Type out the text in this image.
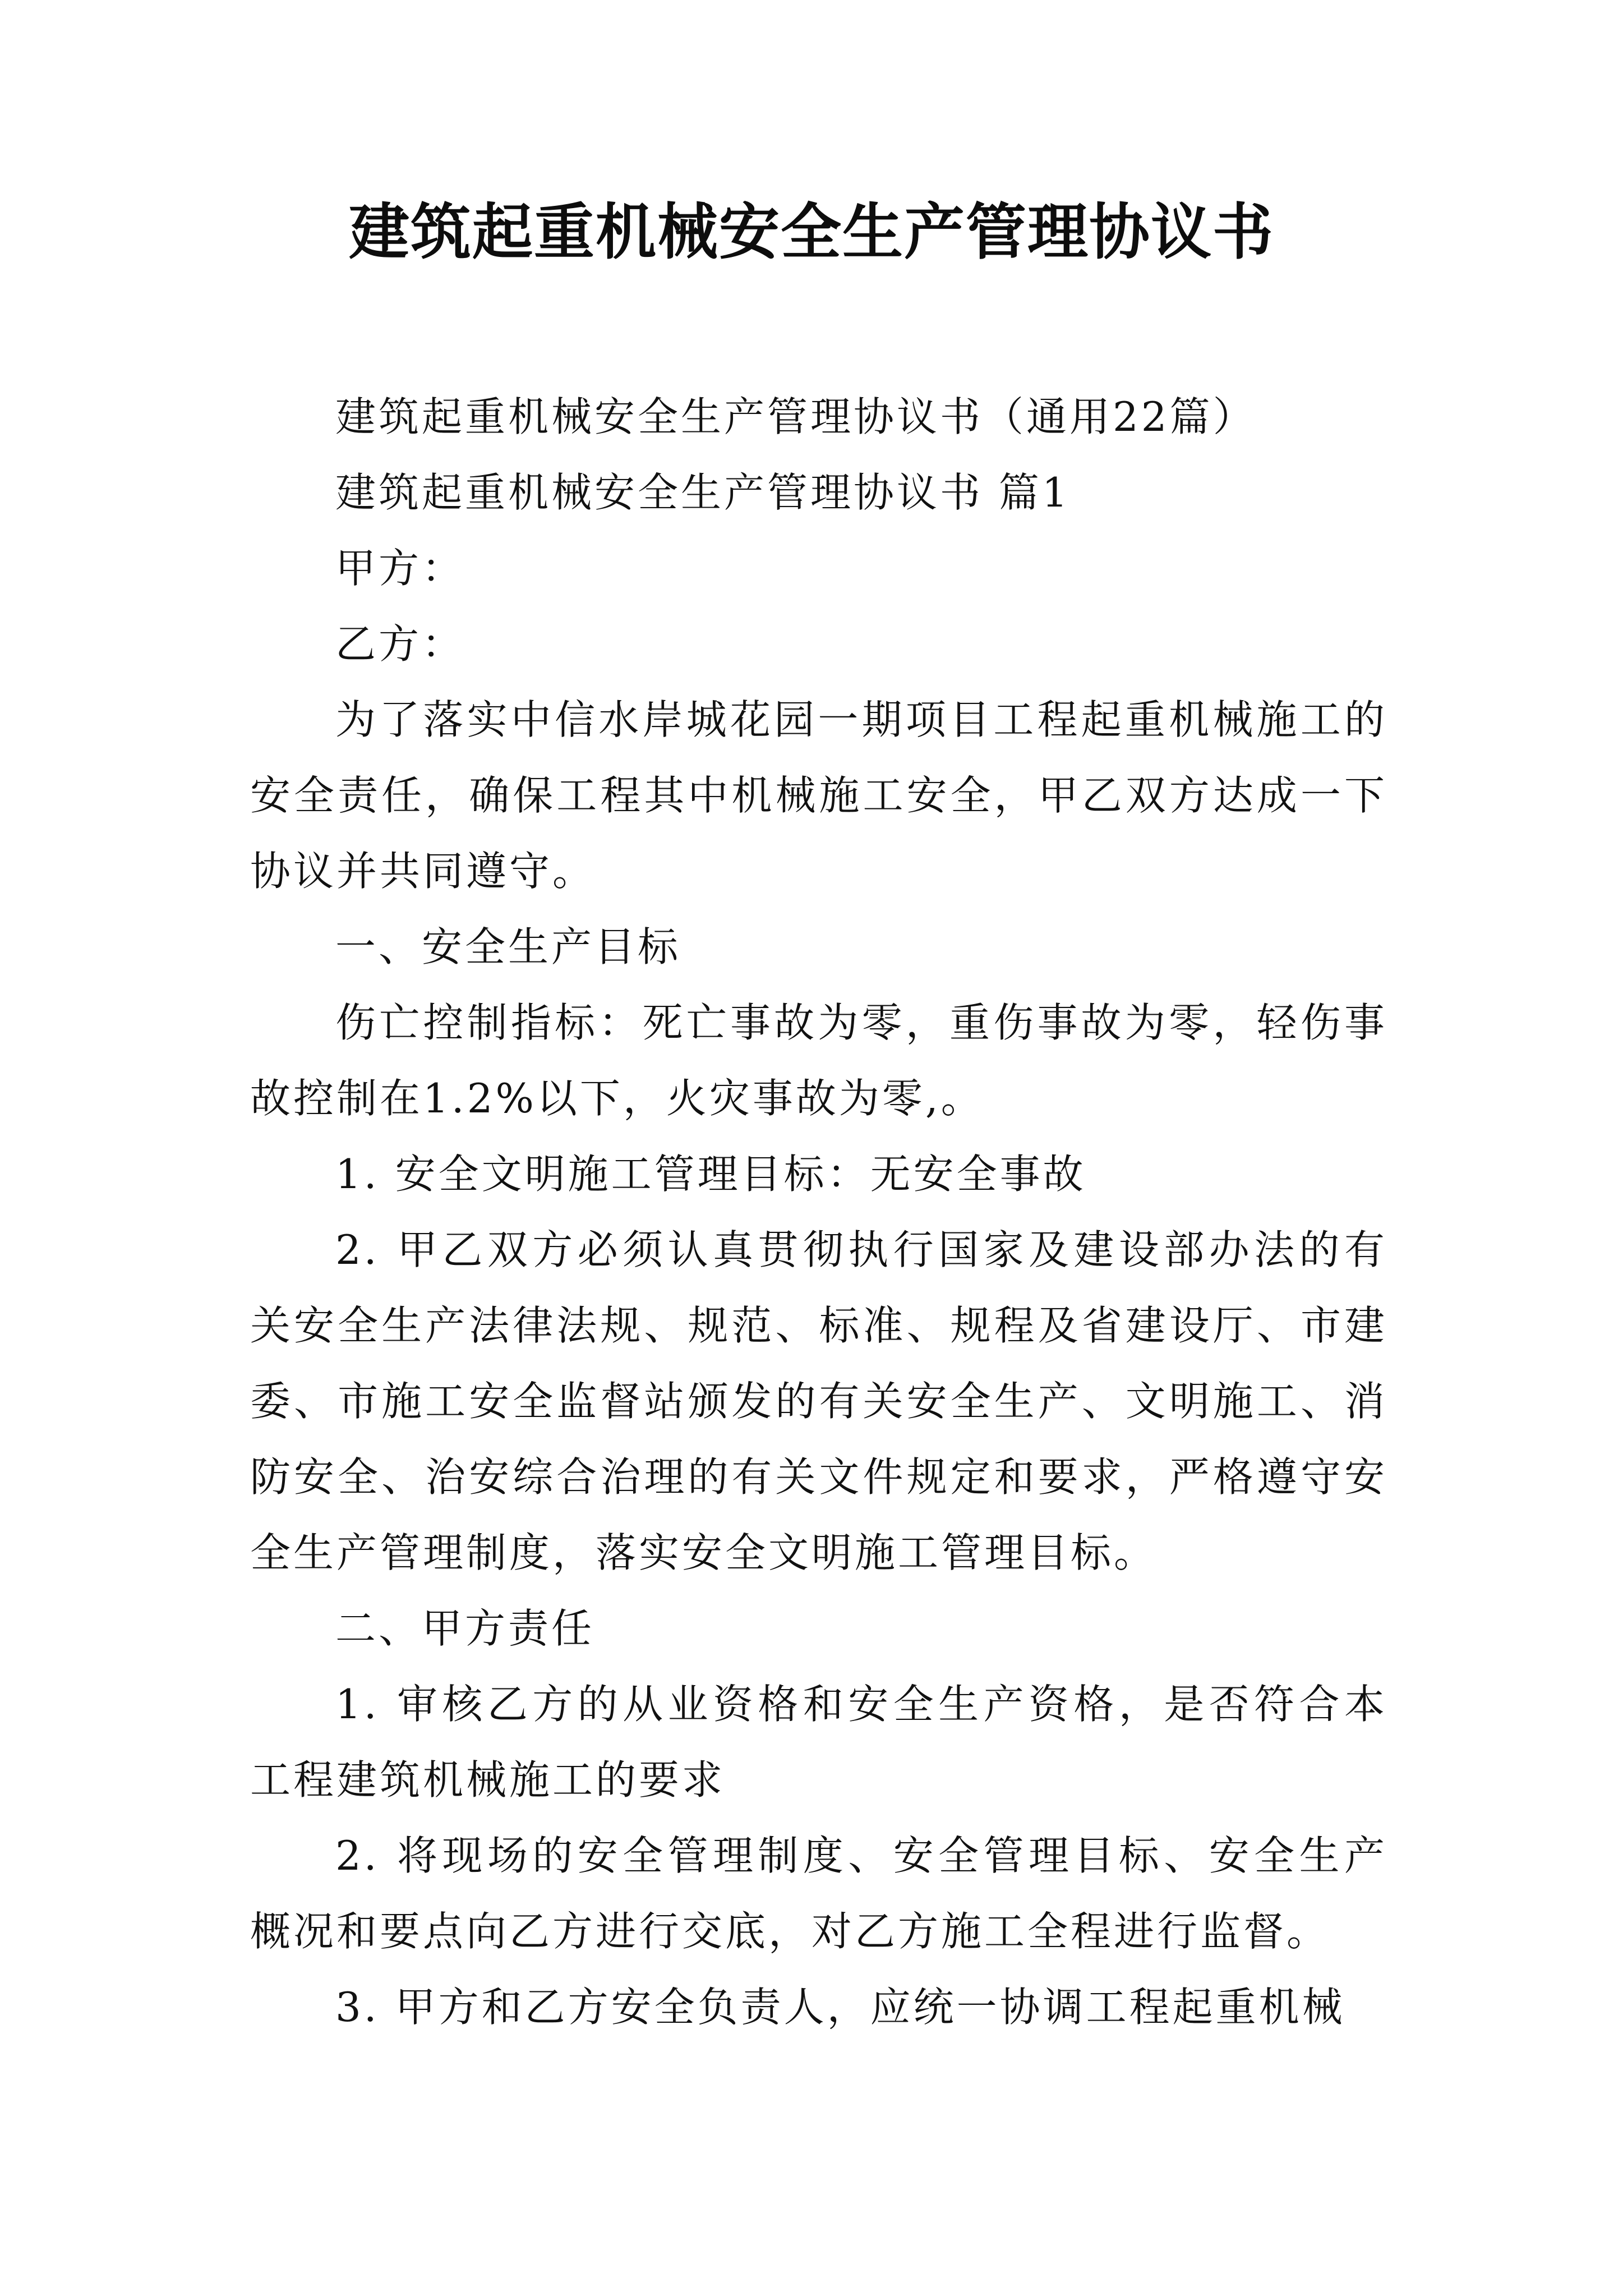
建筑起重机械安全生产管理协议书

建筑起重机械安全生产管理协议书（通用22篇）

建筑起重机械安全生产管理协议书 篇1

甲方：

乙方：

为了落实中信水岸城花园一期项目工程起重机械施工的安全责任，确保工程其中机械施工安全，甲乙双方达成一下协议并共同遵守。

一、安全生产目标

伤亡控制指标：死亡事故为零，重伤事故为零，轻伤事故控制在1.2%以下，火灾事故为零,。

1. 安全文明施工管理目标：无安全事故

2. 甲乙双方必须认真贯彻执行国家及建设部办法的有关安全生产法律法规、规范、标准、规程及省建设厅、市建委、市施工安全监督站颁发的有关安全生产、文明施工、消防安全、治安综合治理的有关文件规定和要求，严格遵守安全生产管理制度，落实安全文明施工管理目标。

二、甲方责任

1. 审核乙方的从业资格和安全生产资格，是否符合本工程建筑机械施工的要求

2. 将现场的安全管理制度、安全管理目标、安全生产概况和要点向乙方进行交底，对乙方施工全程进行监督。

3. 甲方和乙方安全负责人，应统一协调工程起重机械
